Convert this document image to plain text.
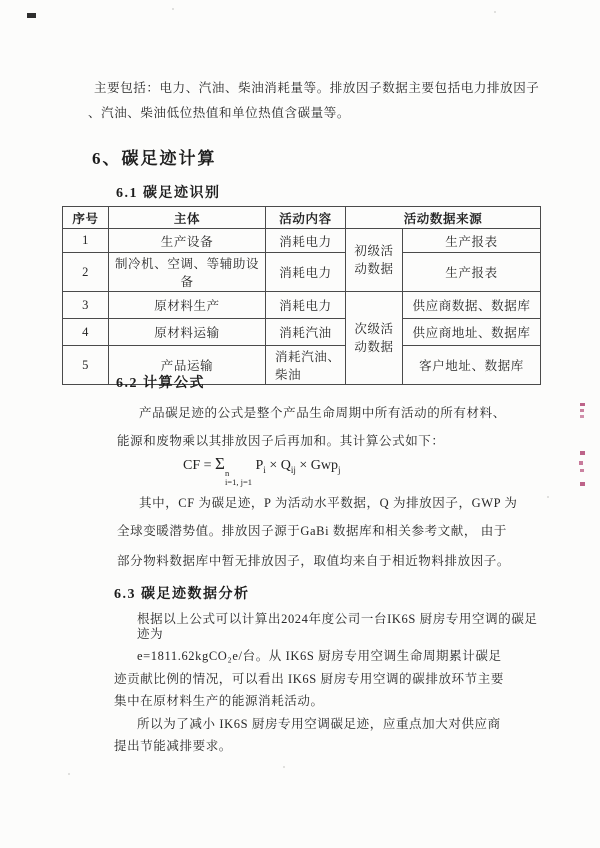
主要包括：电力、汽油、柴油消耗量等。排放因子数据主要包括电力排放因子
、汽油、柴油低位热值和单位热值含碳量等。
6、碳足迹计算
6.1 碳足迹识别
序号	主体	活动内容	活动数据来源	
1	生产设备	消耗电力	初级活动数据	生产报表
2	制冷机、空调、等辅助设备	消耗电力		生产报表
3	原材料生产	消耗电力	次级活动数据	供应商数据、数据库
4	原材料运输	消耗汽油		供应商地址、数据库
5	产品运输	消耗汽油、柴油		客户地址、数据库
6.2 计算公式
产品碳足迹的公式是整个产品生命周期中所有活动的所有材料、
能源和废物乘以其排放因子后再加和。其计算公式如下：
CF = Σ n
i=1, j=1
$P_i \times Q_{ij} \times Gwp_j$
其中，CF 为碳足迹，P 为活动水平数据，Q 为排放因子，GWP 为
全球变暖潜势值。排放因子源于GaBi 数据库和相关参考文献， 由于
部分物料数据库中暂无排放因子，取值均来自于相近物料排放因子。
6.3 碳足迹数据分析
根据以上公式可以计算出2024年度公司一台IK6S 厨房专用空调的碳足
迹为
e=1811.62kgCO₂e/台。从 IK6S 厨房专用空调生命周期累计碳足
迹贡献比例的情况，可以看出 IK6S 厨房专用空调的碳排放环节主要
集中在原材料生产的能源消耗活动。
所以为了减小 IK6S 厨房专用空调碳足迹，应重点加大对供应商
提出节能减排要求。
